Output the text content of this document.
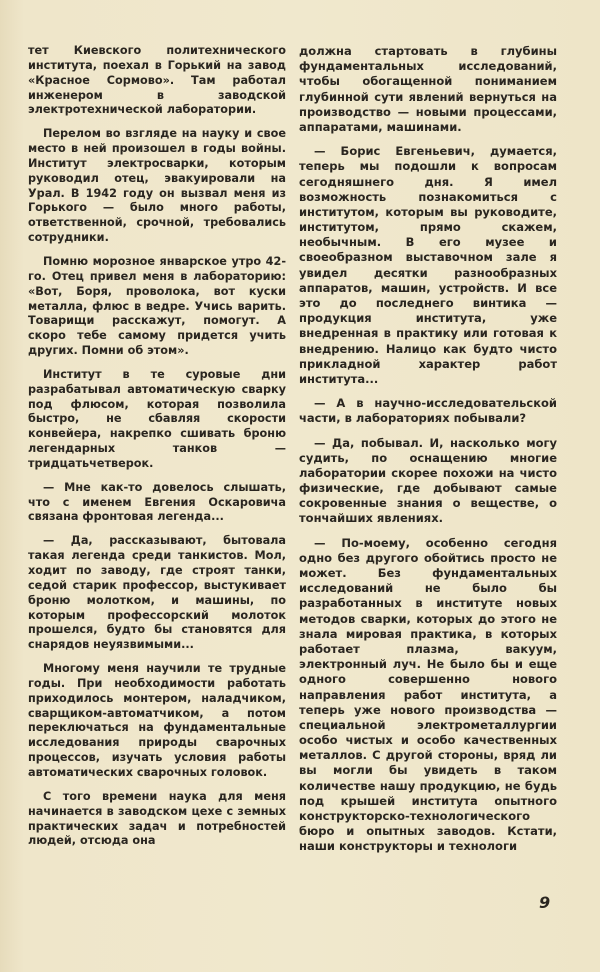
тет Киевского политехнического института, поехал в Горький на завод «Красное Сормово». Там работал инженером в заводской электротехнической лаборатории.

Перелом во взгляде на науку и свое место в ней произошел в годы войны. Институт электросварки, которым руководил отец, эвакуировали на Урал. В 1942 году он вызвал меня из Горького — было много работы, ответственной, срочной, требовались сотрудники.

Помню морозное январское утро 42-го. Отец привел меня в лабораторию: «Вот, Боря, проволока, вот куски металла, флюс в ведре. Учись варить. Товарищи расскажут, помогут. А скоро тебе самому придется учить других. Помни об этом».

Институт в те суровые дни разрабатывал автоматическую сварку под флюсом, которая позволила быстро, не сбавляя скорости конвейера, накрепко сшивать броню легендарных танков — тридцатьчетверок.

— Мне как-то довелось слышать, что с именем Евгения Оскаровича связана фронтовая легенда...

— Да, рассказывают, бытовала такая легенда среди танкистов. Мол, ходит по заводу, где строят танки, седой старик профессор, выстукивает броню молотком, и машины, по которым профессорский молоток прошелся, будто бы становятся для снарядов неуязвимыми...

Многому меня научили те трудные годы. При необходимости работать приходилось монтером, наладчиком, сварщиком-автоматчиком, а потом переключаться на фундаментальные исследования природы сварочных процессов, изучать условия работы автоматических сварочных головок.

С того времени наука для меня начинается в заводском цехе с земных практических задач и потребностей людей, отсюда она

должна стартовать в глубины фундаментальных исследований, чтобы обогащенной пониманием глубинной сути явлений вернуться на производство — новыми процессами, аппаратами, машинами.

— Борис Евгеньевич, думается, теперь мы подошли к вопросам сегодняшнего дня. Я имел возможность познакомиться с институтом, которым вы руководите, институтом, прямо скажем, необычным. В его музее и своеобразном выставочном зале я увидел десятки разнообразных аппаратов, машин, устройств. И все это до последнего винтика — продукция института, уже внедренная в практику или готовая к внедрению. Налицо как будто чисто прикладной характер работ института...

— А в научно-исследовательской части, в лабораториях побывали?

— Да, побывал. И, насколько могу судить, по оснащению многие лаборатории скорее похожи на чисто физические, где добывают самые сокровенные знания о веществе, о тончайших явлениях.

— По-моему, особенно сегодня одно без другого обойтись просто не может. Без фундаментальных исследований не было бы разработанных в институте новых методов сварки, которых до этого не знала мировая практика, в которых работает плазма, вакуум, электронный луч. Не было бы и еще одного совершенно нового направления работ института, а теперь уже нового производства — специальной электрометаллургии особо чистых и особо качественных металлов. С другой стороны, вряд ли вы могли бы увидеть в таком количестве нашу продукцию, не будь под крышей института опытного конструкторско-технологического бюро и опытных заводов. Кстати, наши конструкторы и технологи

9
